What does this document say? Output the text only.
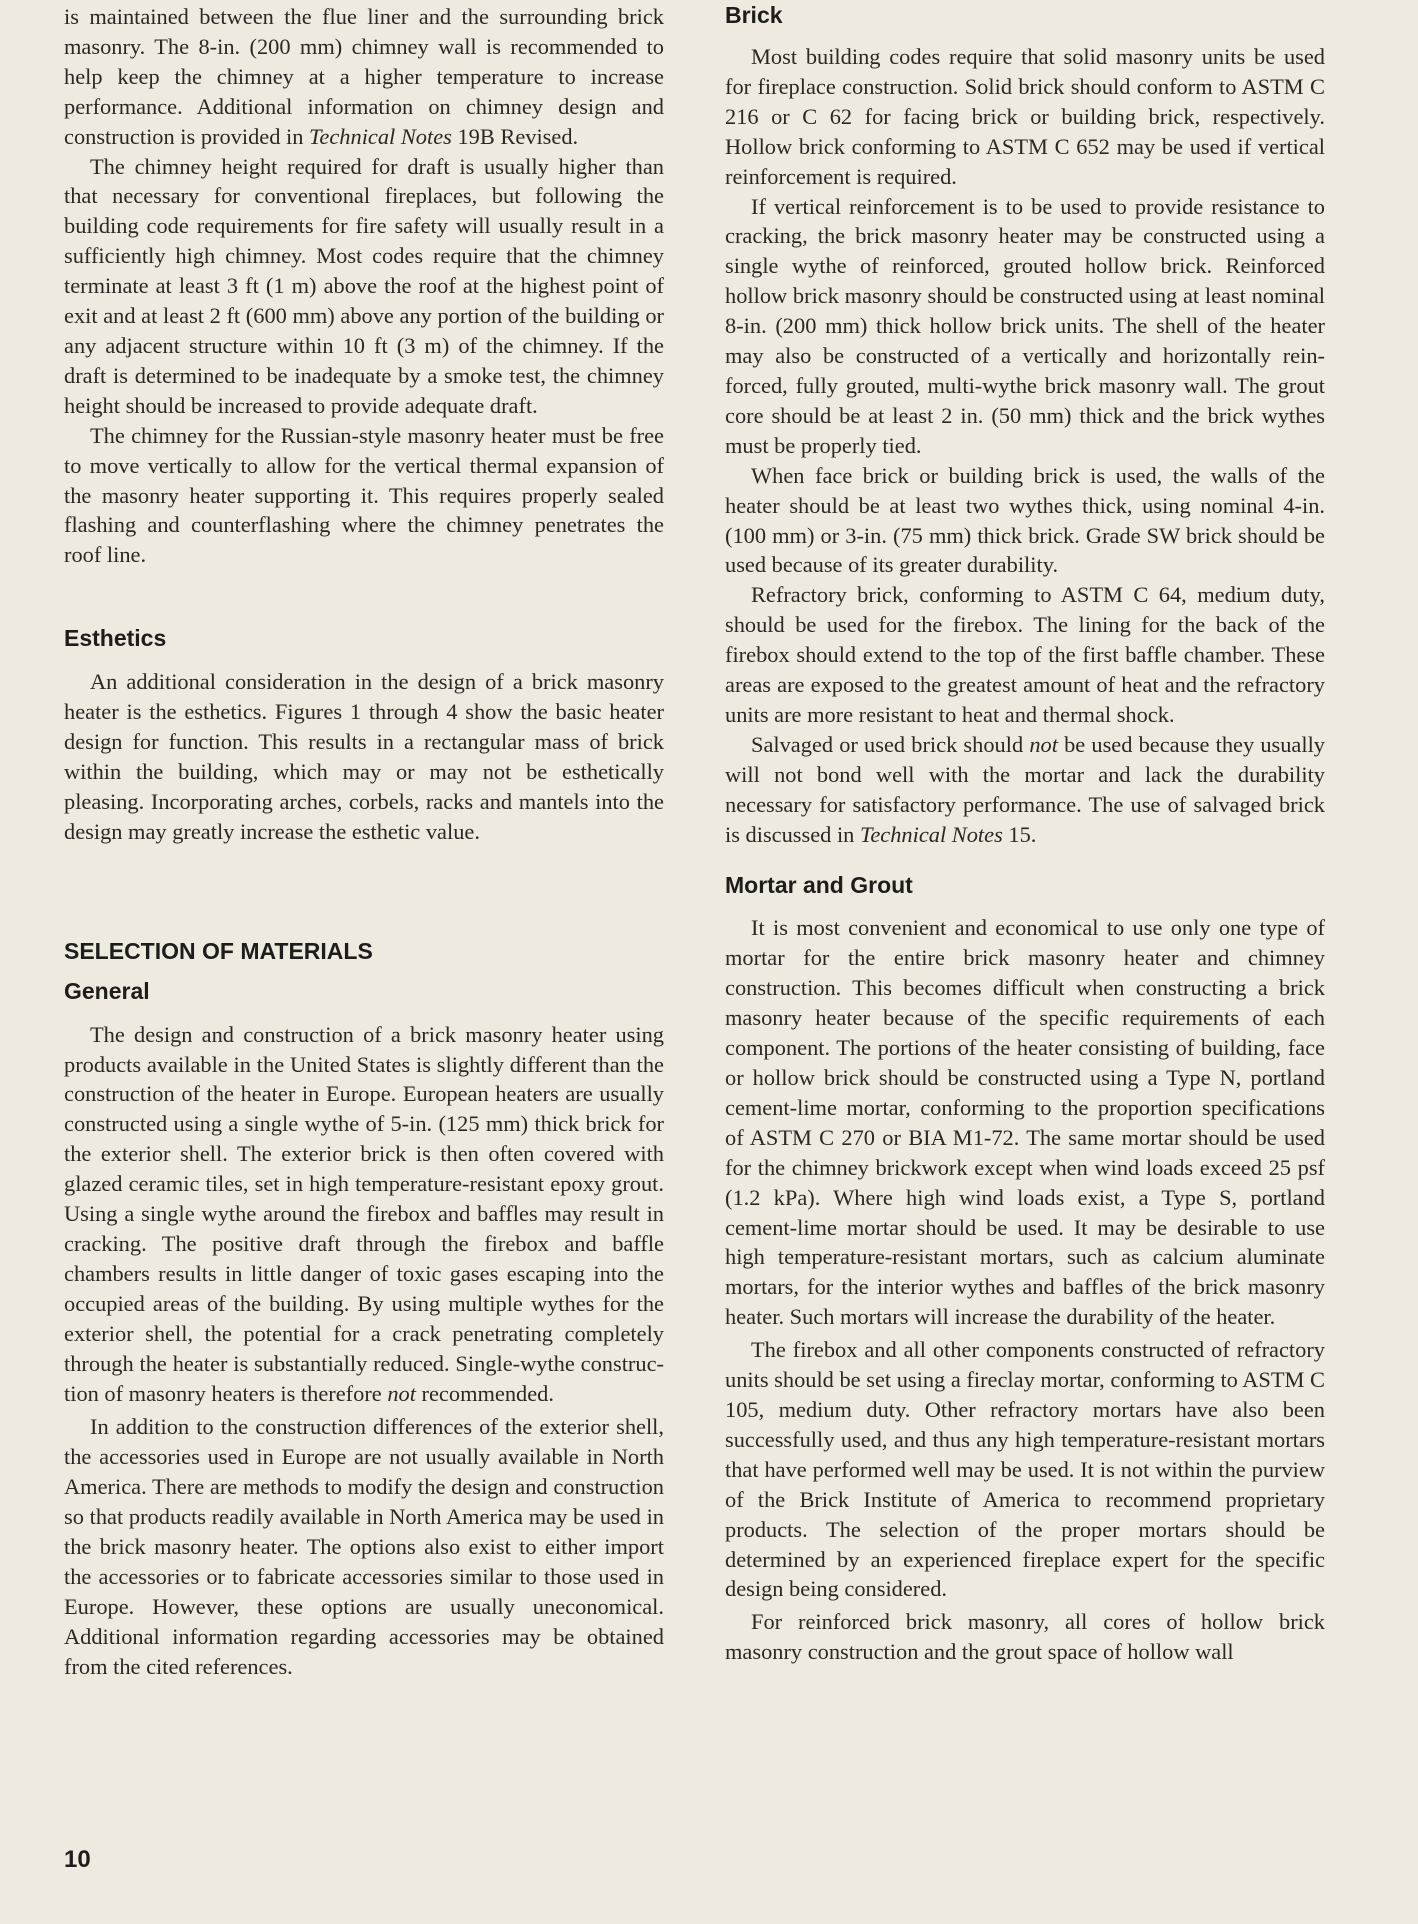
is maintained between the flue liner and the surrounding brick masonry. The 8-in. (200 mm) chimney wall is recommended to help keep the chimney at a higher temperature to increase performance. Additional information on chimney design and construction is provided in Technical Notes 19B Revised.

The chimney height required for draft is usually higher than that necessary for conventional fireplaces, but following the building code requirements for fire safety will usually result in a sufficiently high chimney. Most codes require that the chimney terminate at least 3 ft (1 m) above the roof at the highest point of exit and at least 2 ft (600 mm) above any portion of the building or any adjacent structure within 10 ft (3 m) of the chimney. If the draft is determined to be inadequate by a smoke test, the chimney height should be increased to provide adequate draft.

The chimney for the Russian-style masonry heater must be free to move vertically to allow for the vertical thermal expansion of the masonry heater supporting it. This requires properly sealed flashing and counterflashing where the chimney penetrates the roof line.

Esthetics

An additional consideration in the design of a brick masonry heater is the esthetics. Figures 1 through 4 show the basic heater design for function. This results in a rectangular mass of brick within the building, which may or may not be esthetically pleasing. Incorporating arches, corbels, racks and mantels into the design may greatly increase the esthetic value.

SELECTION OF MATERIALS
General

The design and construction of a brick masonry heater using products available in the United States is slightly different than the construction of the heater in Europe. European heaters are usually constructed using a single wythe of 5-in. (125 mm) thick brick for the exterior shell. The exterior brick is then often covered with glazed ceramic tiles, set in high temperature-resistant epoxy grout. Using a single wythe around the firebox and baffles may result in cracking. The positive draft through the firebox and baffle chambers results in little danger of toxic gases escaping into the occupied areas of the building. By using multiple wythes for the exterior shell, the potential for a crack penetrating completely through the heater is substantially reduced. Single-wythe construction of masonry heaters is therefore not recommended.

In addition to the construction differences of the exterior shell, the accessories used in Europe are not usually available in North America. There are methods to modify the design and construction so that products readily available in North America may be used in the brick masonry heater. The options also exist to either import the accessories or to fabricate accessories similar to those used in Europe. However, these options are usually uneconomical. Additional information regarding accessories may be obtained from the cited references.

Brick

Most building codes require that solid masonry units be used for fireplace construction. Solid brick should conform to ASTM C 216 or C 62 for facing brick or building brick, respectively. Hollow brick conforming to ASTM C 652 may be used if vertical reinforcement is required.

If vertical reinforcement is to be used to provide resistance to cracking, the brick masonry heater may be constructed using a single wythe of reinforced, grouted hollow brick. Reinforced hollow brick masonry should be constructed using at least nominal 8-in. (200 mm) thick hollow brick units. The shell of the heater may also be constructed of a vertically and horizontally reinforced, fully grouted, multi-wythe brick masonry wall. The grout core should be at least 2 in. (50 mm) thick and the brick wythes must be properly tied.

When face brick or building brick is used, the walls of the heater should be at least two wythes thick, using nominal 4-in. (100 mm) or 3-in. (75 mm) thick brick. Grade SW brick should be used because of its greater durability.

Refractory brick, conforming to ASTM C 64, medium duty, should be used for the firebox. The lining for the back of the firebox should extend to the top of the first baffle chamber. These areas are exposed to the greatest amount of heat and the refractory units are more resistant to heat and thermal shock.

Salvaged or used brick should not be used because they usually will not bond well with the mortar and lack the durability necessary for satisfactory performance. The use of salvaged brick is discussed in Technical Notes 15.

Mortar and Grout

It is most convenient and economical to use only one type of mortar for the entire brick masonry heater and chimney construction. This becomes difficult when constructing a brick masonry heater because of the specific requirements of each component. The portions of the heater consisting of building, face or hollow brick should be constructed using a Type N, portland cement-lime mortar, conforming to the proportion specifications of ASTM C 270 or BIA M1-72. The same mortar should be used for the chimney brickwork except when wind loads exceed 25 psf (1.2 kPa). Where high wind loads exist, a Type S, portland cement-lime mortar should be used. It may be desirable to use high temperature-resistant mortars, such as calcium aluminate mortars, for the interior wythes and baffles of the brick masonry heater. Such mortars will increase the durability of the heater.

The firebox and all other components constructed of refractory units should be set using a fireclay mortar, conforming to ASTM C 105, medium duty. Other refractory mortars have also been successfully used, and thus any high temperature-resistant mortars that have performed well may be used. It is not within the purview of the Brick Institute of America to recommend proprietary products. The selection of the proper mortars should be determined by an experienced fireplace expert for the specific design being considered.

For reinforced brick masonry, all cores of hollow brick masonry construction and the grout space of hollow wall

10
